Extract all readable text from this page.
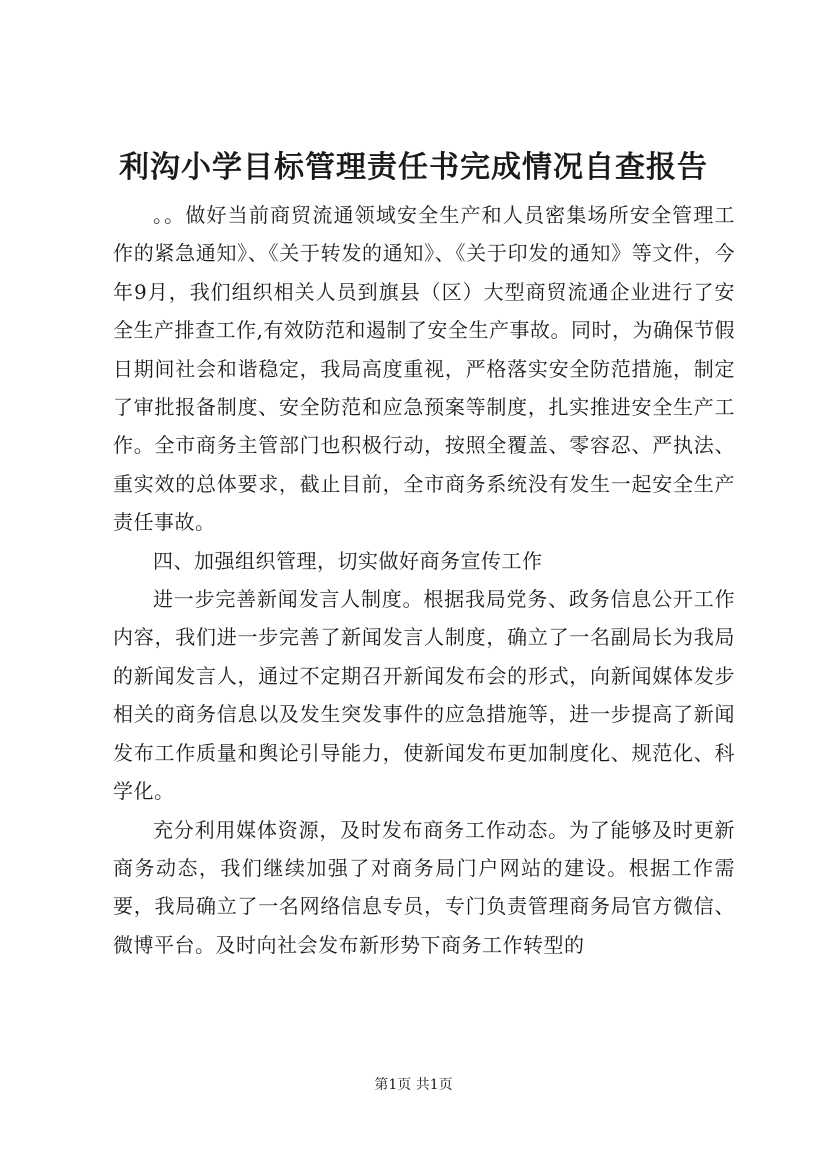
利沟小学目标管理责任书完成情况自查报告

。。做好当前商贸流通领域安全生产和人员密集场所安全管理工作的紧急通知》、《关于转发的通知》、《关于印发的通知》等文件，今年9月，我们组织相关人员到旗县（区）大型商贸流通企业进行了安全生产排查工作,有效防范和遏制了安全生产事故。同时，为确保节假日期间社会和谐稳定，我局高度重视，严格落实安全防范措施，制定了审批报备制度、安全防范和应急预案等制度，扎实推进安全生产工作。全市商务主管部门也积极行动，按照全覆盖、零容忍、严执法、重实效的总体要求，截止目前，全市商务系统没有发生一起安全生产责任事故。

四、加强组织管理，切实做好商务宣传工作

进一步完善新闻发言人制度。根据我局党务、政务信息公开工作内容，我们进一步完善了新闻发言人制度，确立了一名副局长为我局的新闻发言人，通过不定期召开新闻发布会的形式，向新闻媒体发步相关的商务信息以及发生突发事件的应急措施等，进一步提高了新闻发布工作质量和舆论引导能力，使新闻发布更加制度化、规范化、科学化。

充分利用媒体资源，及时发布商务工作动态。为了能够及时更新商务动态，我们继续加强了对商务局门户网站的建设。根据工作需要，我局确立了一名网络信息专员，专门负责管理商务局官方微信、微博平台。及时向社会发布新形势下商务工作转型的

第1页 共1页
